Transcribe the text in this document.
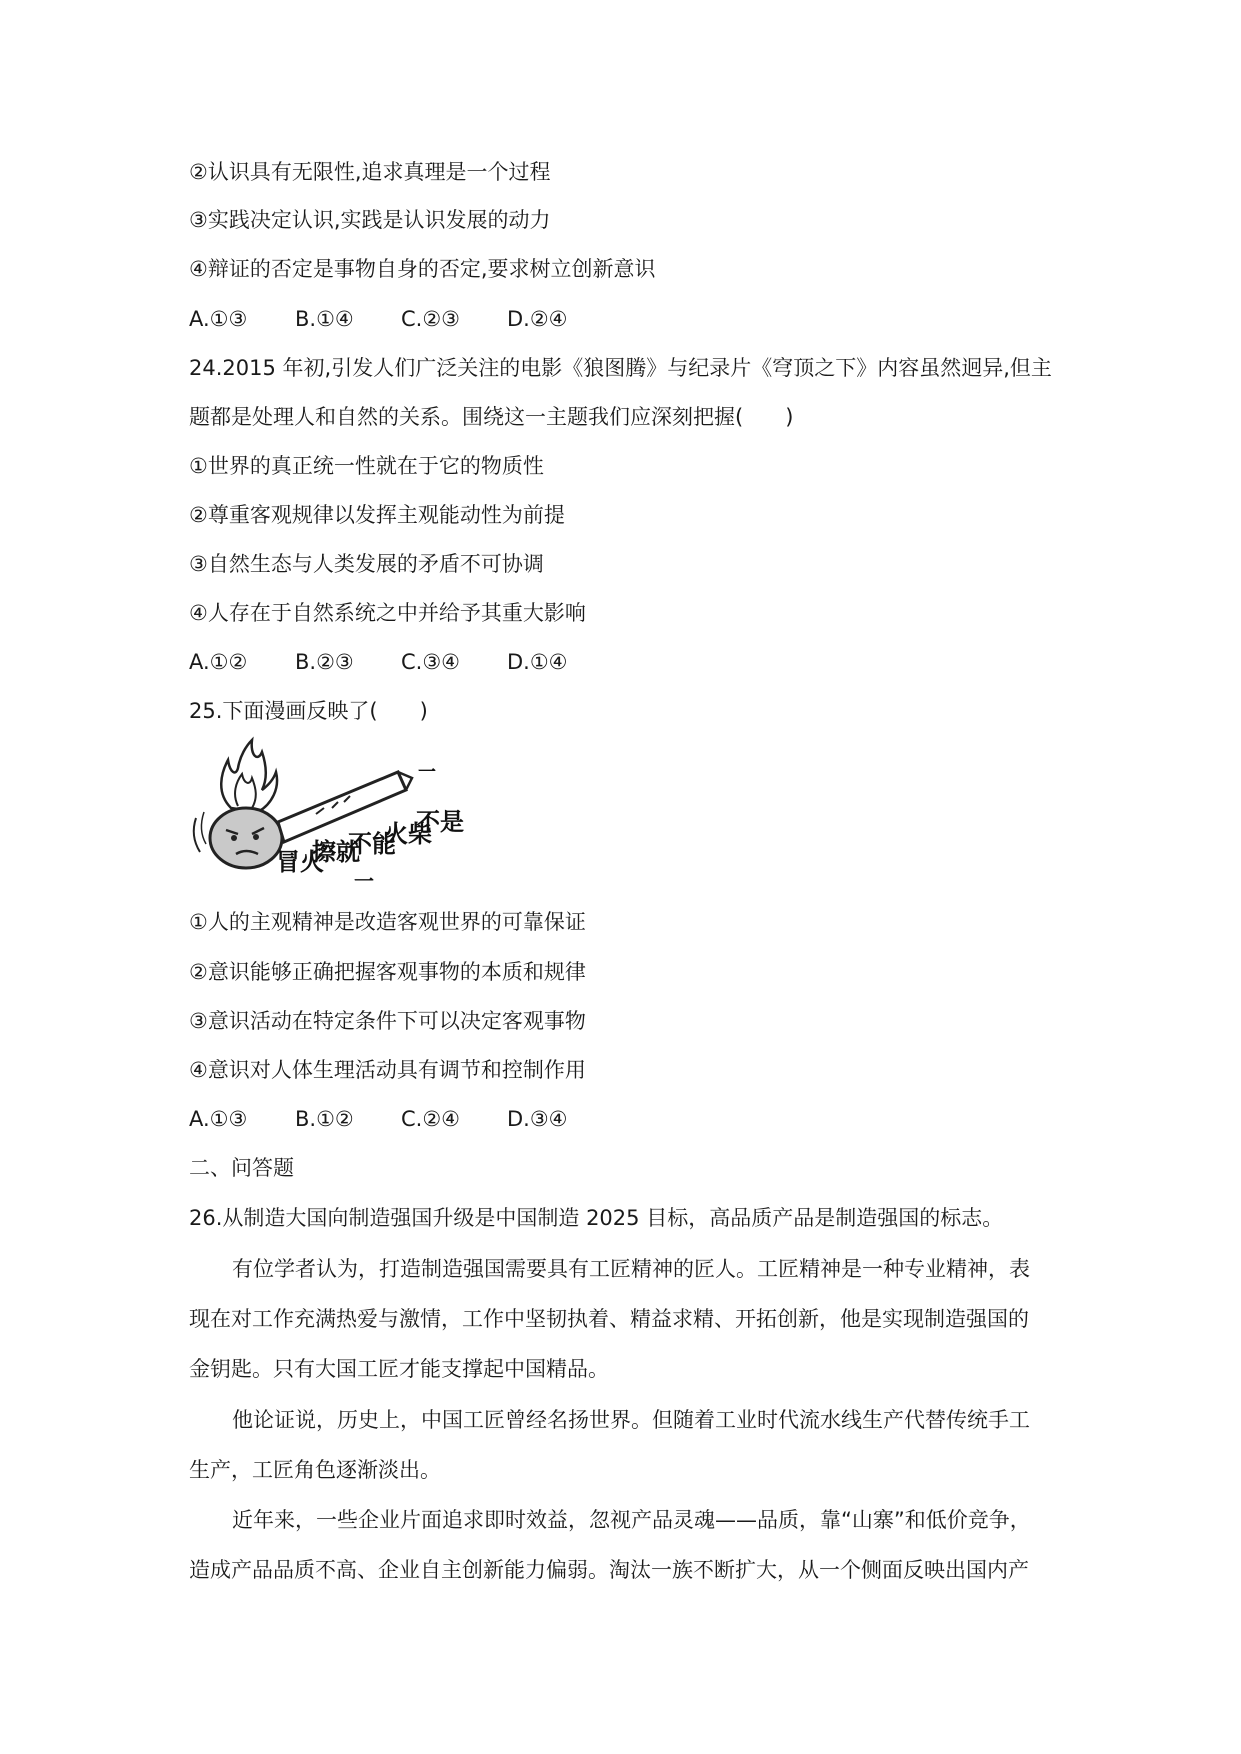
②认识具有无限性,追求真理是一个过程
③实践决定认识,实践是认识发展的动力
④辩证的否定是事物自身的否定,要求树立创新意识
A.①③ B.①④ C.②③ D.②④
24.2015 年初,引发人们广泛关注的电影《狼图腾》与纪录片《穹顶之下》内容虽然迥异,但主
题都是处理人和自然的关系。围绕这一主题我们应深刻把握(　　)
①世界的真正统一性就在于它的物质性
②尊重客观规律以发挥主观能动性为前提
③自然生态与人类发展的矛盾不可协调
④人存在于自然系统之中并给予其重大影响
A.①② B.②③ C.③④ D.①④
25.下面漫画反映了(　　)
冒火
擦就
不能
火柴
不是
一
一
①人的主观精神是改造客观世界的可靠保证
②意识能够正确把握客观事物的本质和规律
③意识活动在特定条件下可以决定客观事物
④意识对人体生理活动具有调节和控制作用
A.①③ B.①② C.②④ D.③④
二、问答题
26.从制造大国向制造强国升级是中国制造 2025 目标，高品质产品是制造强国的标志。
有位学者认为，打造制造强国需要具有工匠精神的匠人。工匠精神是一种专业精神，表
现在对工作充满热爱与激情，工作中坚韧执着、精益求精、开拓创新，他是实现制造强国的
金钥匙。只有大国工匠才能支撑起中国精品。
他论证说，历史上，中国工匠曾经名扬世界。但随着工业时代流水线生产代替传统手工
生产，工匠角色逐渐淡出。
近年来，一些企业片面追求即时效益，忽视产品灵魂——品质，靠“山寨”和低价竞争，
造成产品品质不高、企业自主创新能力偏弱。淘汰一族不断扩大，从一个侧面反映出国内产
